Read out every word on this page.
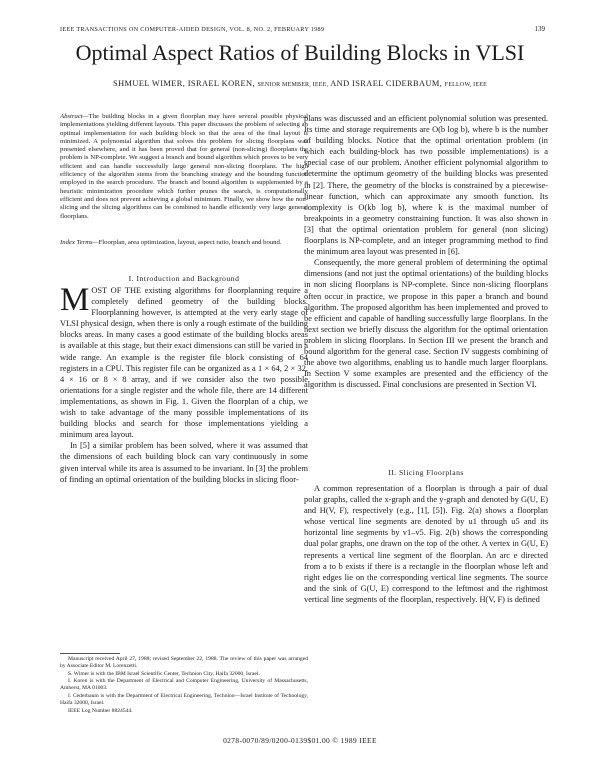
IEEE TRANSACTIONS ON COMPUTER-AIDED DESIGN, VOL. 8, NO. 2, FEBRUARY 1989	139
Optimal Aspect Ratios of Building Blocks in VLSI
SHMUEL WIMER, ISRAEL KOREN, SENIOR MEMBER, IEEE, AND ISRAEL CIDERBAUM, FELLOW, IEEE
Abstract—The building blocks in a given floorplan may have several possible physical implementations yielding different layouts. This paper discusses the problem of selecting an optimal implementation for each building block so that the area of the final layout is minimized. A polynomial algorithm that solves this problem for slicing floorplans was presented elsewhere, and it has been proved that for general (non-slicing) floorplans the problem is NP-complete. We suggest a branch and bound algorithm which proves to be very efficient and can handle successfully large general non-slicing floorplans. The high efficiency of the algorithm stems from the branching strategy and the bounding function employed in the search procedure. The branch and bound algorithm is supplemented by a heuristic minimization procedure which further prunes the search, is computationally efficient and does not prevent achieving a global minimum. Finally, we show how the non-slicing and the slicing algorithms can be combined to handle efficiently very large general floorplans.
Index Terms—Floorplan, area optimization, layout, aspect ratio, branch and bound.
I. Introduction and Background

MOST OF THE existing algorithms for floorplanning require a completely defined geometry of the building blocks. Floorplanning however, is attempted at the very early stage of VLSI physical design, when there is only a rough estimate of the building blocks areas. In many cases a good estimate of the building blocks areas is available at this stage, but their exact dimensions can still be varied in a wide range. An example is the register file block consisting of 64 registers in a CPU. This register file can be organized as a 1 × 64, 2 × 32, 4 × 16 or 8 × 8 array, and if we consider also the two possible orientations for a single register and the whole file, there are 14 different implementations, as shown in Fig. 1. Given the floorplan of a chip, we wish to take advantage of the many possible implementations of its building blocks and search for those implementations yielding a minimum area layout.

In [5] a similar problem has been solved, where it was assumed that the dimensions of each building block can vary continuously in some given interval while its area is assumed to be invariant. In [3] the problem of finding an optimal orientation of the building blocks in slicing floor-

Manuscript received April 27, 1988; revised September 22, 1988. The review of this paper was arranged by Associate Editor M. Lorenzetti.

S. Wimer is with the IBM Israel Scientific Center, Technion City, Haifa 32000, Israel.

I. Koren is with the Department of Electrical and Computer Engineering, University of Massachusetts, Amherst, MA 01003.

I. Cederbaum is with the Department of Electrical Engineering, Technion—Israel Institute of Technology, Haifa 32000, Israel.

IEEE Log Number 8824544.

plans was discussed and an efficient polynomial solution was presented. Its time and storage requirements are O(b log b), where b is the number of building blocks. Notice that the optimal orientation problem (in which each building-block has two possible implementations) is a special case of our problem. Another efficient polynomial algorithm to determine the optimum geometry of the building blocks was presented in [2]. There, the geometry of the blocks is constrained by a piecewise-linear function, which can approximate any smooth function. Its complexity is O(kb log b), where k is the maximal number of breakpoints in a geometry constraining function. It was also shown in [3] that the optimal orientation problem for general (non slicing) floorplans is NP-complete, and an integer programming method to find the minimum area layout was presented in [6].

Consequently, the more general problem of determining the optimal dimensions (and not just the optimal orientations) of the building blocks in non slicing floorplans is NP-complete. Since non-slicing floorplans often occur in practice, we propose in this paper a branch and bound algorithm. The proposed algorithm has been implemented and proved to be efficient and capable of handling successfully large floorplans. In the next section we briefly discuss the algorithm for the optimal orientation problem in slicing floorplans. In Section III we present the branch and bound algorithm for the general case. Section IV suggests combining of the above two algorithms, enabling us to handle much larger floorplans. In Section V some examples are presented and the efficiency of the algorithm is discussed. Final conclusions are presented in Section VI.

II. Slicing Floorplans

A common representation of a floorplan is through a pair of dual polar graphs, called the x-graph and the y-graph and denoted by G(U, E) and H(V, F), respectively (e.g., [1], [5]). Fig. 2(a) shows a floorplan whose vertical line segments are denoted by u1 through u5 and its horizontal line segments by v1–v5. Fig. 2(b) shows the corresponding dual polar graphs, one drawn on the top of the other. A vertex in G(U, E) represents a vertical line segment of the floorplan. An arc e directed from a to b exists if there is a rectangle in the floorplan whose left and right edges lie on the corresponding vertical line segments. The source and the sink of G(U, E) correspond to the leftmost and the rightmost vertical line segments of the floorplan, respectively. H(V, F) is defined

0278-0070/89/0200-0139$01.00 © 1989 IEEE
